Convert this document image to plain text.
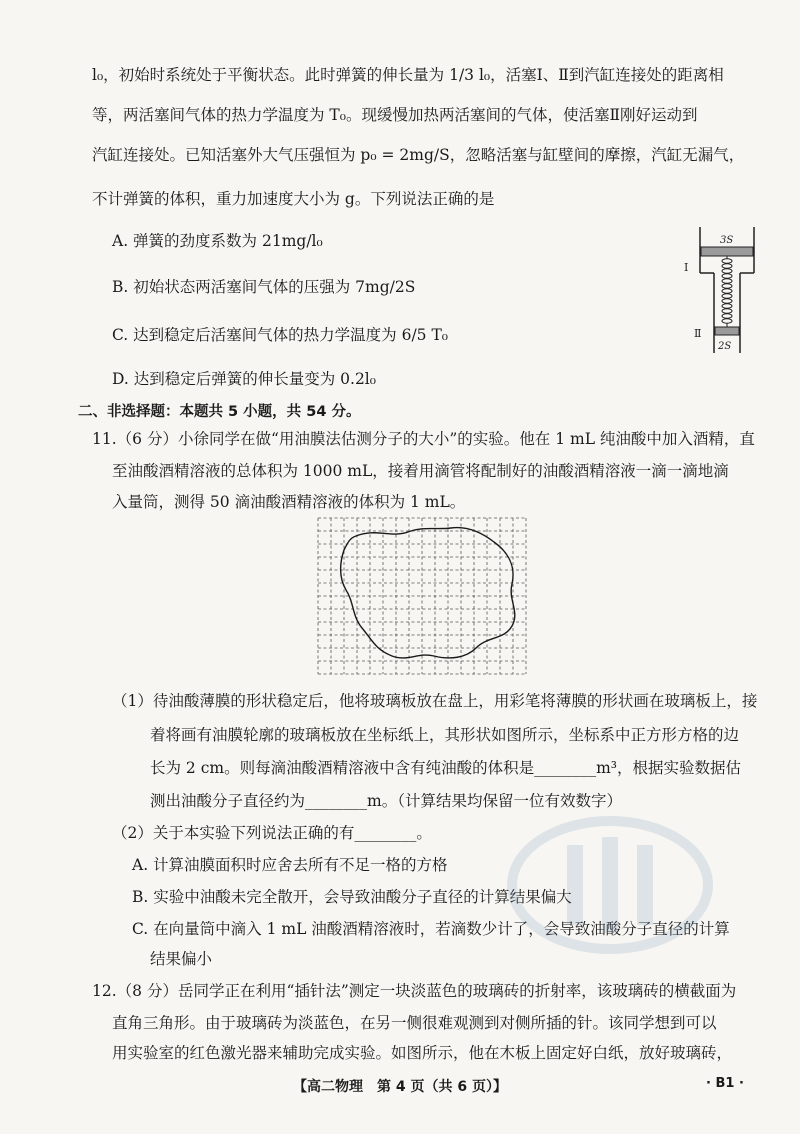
l₀，初始时系统处于平衡状态。此时弹簧的伸长量为 1/3 l₀，活塞Ⅰ、Ⅱ到汽缸连接处的距离相
等，两活塞间气体的热力学温度为 T₀。现缓慢加热两活塞间的气体，使活塞Ⅱ刚好运动到
汽缸连接处。已知活塞外大气压强恒为 p₀ = 2mg/S，忽略活塞与缸壁间的摩擦，汽缸无漏气，
不计弹簧的体积，重力加速度大小为 g。下列说法正确的是
A. 弹簧的劲度系数为 21mg/l₀
B. 初始状态两活塞间气体的压强为 7mg/2S
C. 达到稳定后活塞间气体的热力学温度为 6/5 T₀
D. 达到稳定后弹簧的伸长量变为 0.2l₀
Ⅰ
Ⅱ
3S
2S
二、非选择题：本题共 5 小题，共 54 分。
11.（6 分）小徐同学在做“用油膜法估测分子的大小”的实验。他在 1 mL 纯油酸中加入酒精，直
至油酸酒精溶液的总体积为 1000 mL，接着用滴管将配制好的油酸酒精溶液一滴一滴地滴
入量筒，测得 50 滴油酸酒精溶液的体积为 1 mL。
（1）待油酸薄膜的形状稳定后，他将玻璃板放在盘上，用彩笔将薄膜的形状画在玻璃板上，接
着将画有油膜轮廓的玻璃板放在坐标纸上，其形状如图所示，坐标系中正方形方格的边
长为 2 cm。则每滴油酸酒精溶液中含有纯油酸的体积是________m³，根据实验数据估
测出油酸分子直径约为________m。（计算结果均保留一位有效数字）
（2）关于本实验下列说法正确的有________。
A. 计算油膜面积时应舍去所有不足一格的方格
B. 实验中油酸未完全散开，会导致油酸分子直径的计算结果偏大
C. 在向量筒中滴入 1 mL 油酸酒精溶液时，若滴数少计了，会导致油酸分子直径的计算
结果偏小
12.（8 分）岳同学正在利用“插针法”测定一块淡蓝色的玻璃砖的折射率，该玻璃砖的横截面为
直角三角形。由于玻璃砖为淡蓝色，在另一侧很难观测到对侧所插的针。该同学想到可以
用实验室的红色激光器来辅助完成实验。如图所示，他在木板上固定好白纸，放好玻璃砖，
【高二物理　第 4 页（共 6 页）】	· B1 ·
